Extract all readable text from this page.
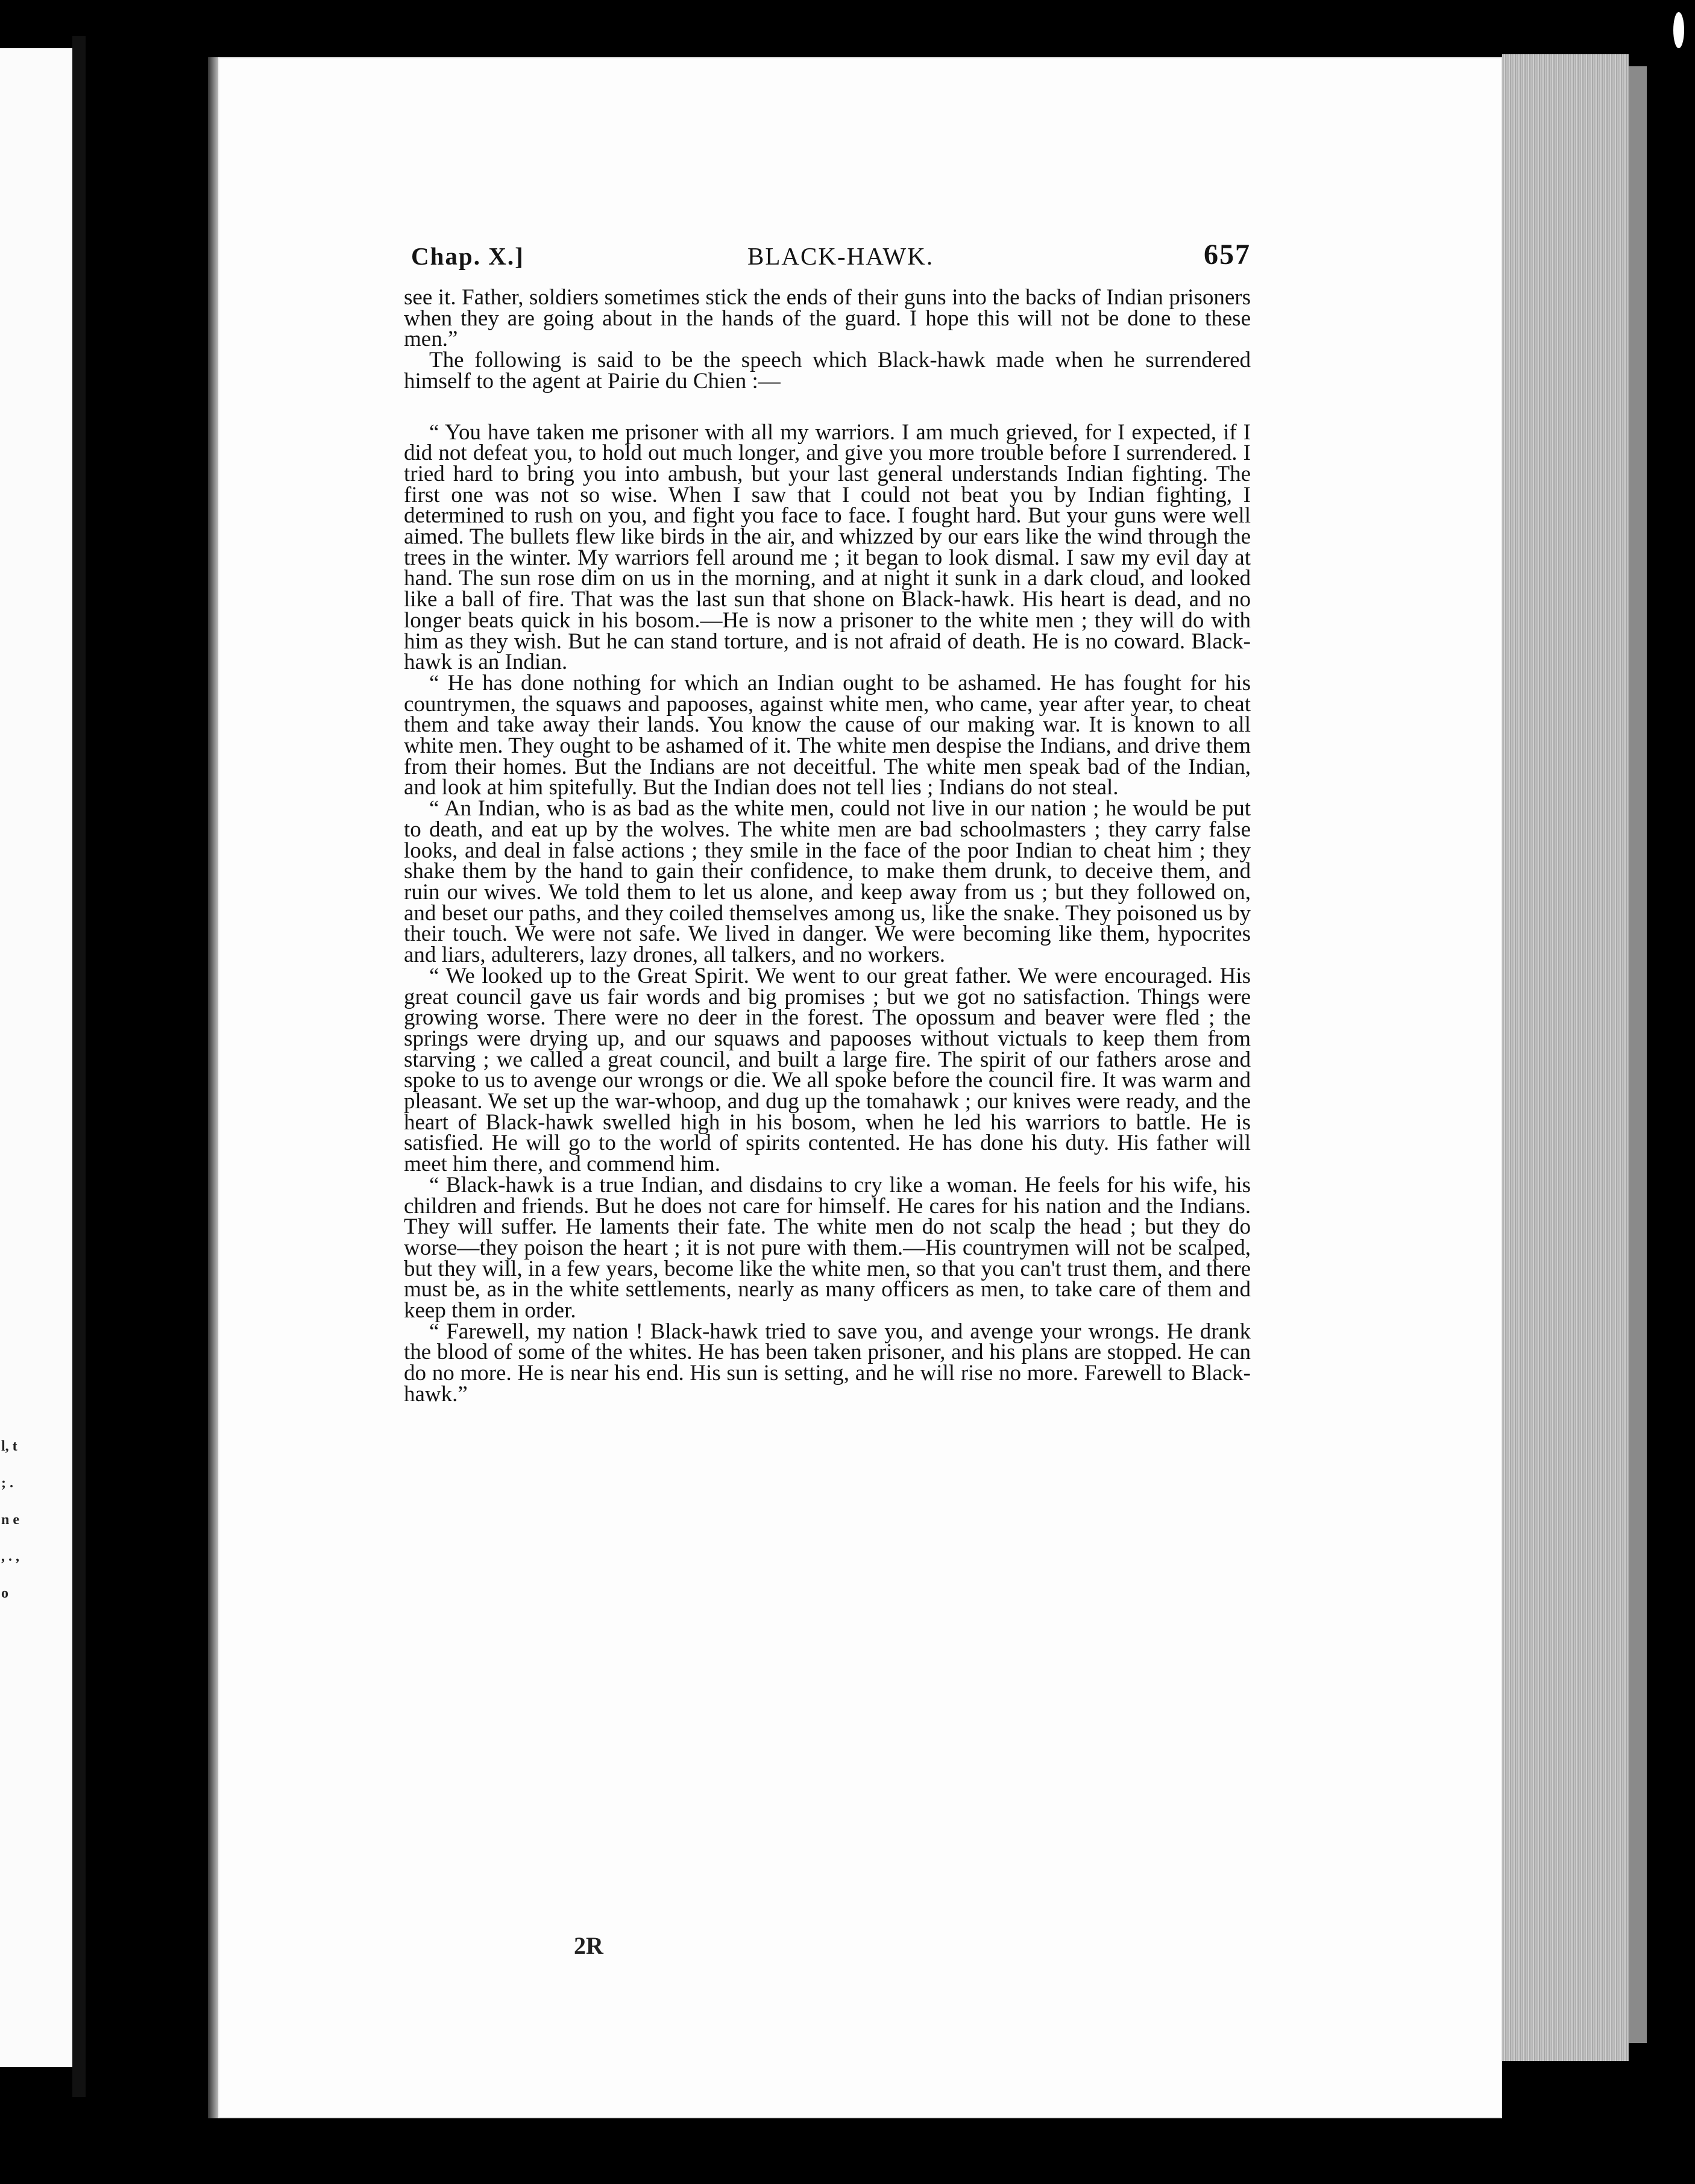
l, t ; . n e , . , o
Chap. X.]	BLACK-HAWK.	657

see it. Father, soldiers sometimes stick the ends of their guns into the backs of Indian prisoners when they are going about in the hands of the guard. I hope this will not be done to these men.”

The following is said to be the speech which Black-hawk made when he surrendered himself to the agent at Pairie du Chien :—

“ You have taken me prisoner with all my warriors. I am much grieved, for I expected, if I did not defeat you, to hold out much longer, and give you more trouble before I surrendered. I tried hard to bring you into ambush, but your last general understands Indian fighting. The first one was not so wise. When I saw that I could not beat you by Indian fighting, I determined to rush on you, and fight you face to face. I fought hard. But your guns were well aimed. The bullets flew like birds in the air, and whizzed by our ears like the wind through the trees in the winter. My warriors fell around me ; it began to look dismal. I saw my evil day at hand. The sun rose dim on us in the morning, and at night it sunk in a dark cloud, and looked like a ball of fire. That was the last sun that shone on Black-hawk. His heart is dead, and no longer beats quick in his bosom.—He is now a prisoner to the white men ; they will do with him as they wish. But he can stand torture, and is not afraid of death. He is no coward. Black-hawk is an Indian.

“ He has done nothing for which an Indian ought to be ashamed. He has fought for his countrymen, the squaws and papooses, against white men, who came, year after year, to cheat them and take away their lands. You know the cause of our making war. It is known to all white men. They ought to be ashamed of it. The white men despise the Indians, and drive them from their homes. But the Indians are not deceitful. The white men speak bad of the Indian, and look at him spitefully. But the Indian does not tell lies ; Indians do not steal.

“ An Indian, who is as bad as the white men, could not live in our nation ; he would be put to death, and eat up by the wolves. The white men are bad schoolmasters ; they carry false looks, and deal in false actions ; they smile in the face of the poor Indian to cheat him ; they shake them by the hand to gain their confidence, to make them drunk, to deceive them, and ruin our wives. We told them to let us alone, and keep away from us ; but they followed on, and beset our paths, and they coiled themselves among us, like the snake. They poisoned us by their touch. We were not safe. We lived in danger. We were becoming like them, hypocrites and liars, adulterers, lazy drones, all talkers, and no workers.

“ We looked up to the Great Spirit. We went to our great father. We were encouraged. His great council gave us fair words and big promises ; but we got no satisfaction. Things were growing worse. There were no deer in the forest. The opossum and beaver were fled ; the springs were drying up, and our squaws and papooses without victuals to keep them from starving ; we called a great council, and built a large fire. The spirit of our fathers arose and spoke to us to avenge our wrongs or die. We all spoke before the council fire. It was warm and pleasant. We set up the war-whoop, and dug up the tomahawk ; our knives were ready, and the heart of Black-hawk swelled high in his bosom, when he led his warriors to battle. He is satisfied. He will go to the world of spirits contented. He has done his duty. His father will meet him there, and commend him.

“ Black-hawk is a true Indian, and disdains to cry like a woman. He feels for his wife, his children and friends. But he does not care for himself. He cares for his nation and the Indians. They will suffer. He laments their fate. The white men do not scalp the head ; but they do worse—they poison the heart ; it is not pure with them.—His countrymen will not be scalped, but they will, in a few years, become like the white men, so that you can't trust them, and there must be, as in the white settlements, nearly as many officers as men, to take care of them and keep them in order.

“ Farewell, my nation ! Black-hawk tried to save you, and avenge your wrongs. He drank the blood of some of the whites. He has been taken prisoner, and his plans are stopped. He can do no more. He is near his end. His sun is setting, and he will rise no more. Farewell to Black-hawk.”

2R
